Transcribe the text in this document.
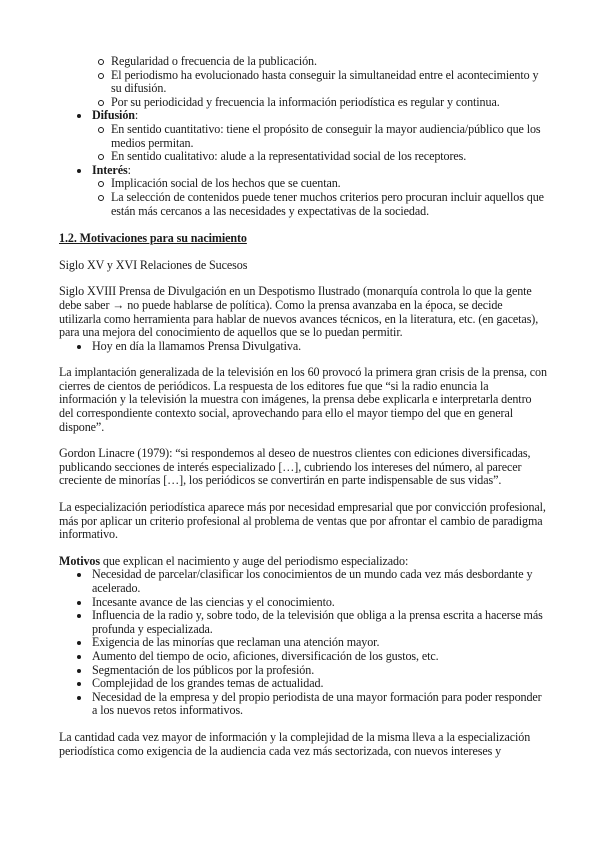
Regularidad o frecuencia de la publicación.
El periodismo ha evolucionado hasta conseguir la simultaneidad entre el acontecimiento y su difusión.
Por su periodicidad y frecuencia la información periodística es regular y continua.
Difusión:
En sentido cuantitativo: tiene el propósito de conseguir la mayor audiencia/público que los medios permitan.
En sentido cualitativo: alude a la representatividad social de los receptores.
Interés:
Implicación social de los hechos que se cuentan.
La selección de contenidos puede tener muchos criterios pero procuran incluir aquellos que están más cercanos a las necesidades y expectativas de la sociedad.

1.2. Motivaciones para su nacimiento

Siglo XV y XVI Relaciones de Sucesos

Siglo XVIII Prensa de Divulgación en un Despotismo Ilustrado (monarquía controla lo que la gente debe saber → no puede hablarse de política). Como la prensa avanzaba en la época, se decide utilizarla como herramienta para hablar de nuevos avances técnicos, en la literatura, etc. (en gacetas), para una mejora del conocimiento de aquellos que se lo puedan permitir.

Hoy en día la llamamos Prensa Divulgativa.

La implantación generalizada de la televisión en los 60 provocó la primera gran crisis de la prensa, con cierres de cientos de periódicos. La respuesta de los editores fue que “si la radio enuncia la información y la televisión la muestra con imágenes, la prensa debe explicarla e interpretarla dentro del correspondiente contexto social, aprovechando para ello el mayor tiempo del que en general dispone”.

Gordon Linacre (1979): “si respondemos al deseo de nuestros clientes con ediciones diversificadas, publicando secciones de interés especializado […], cubriendo los intereses del número, al parecer creciente de minorías […], los periódicos se convertirán en parte indispensable de sus vidas”.

La especialización periodística aparece más por necesidad empresarial que por convicción profesional, más por aplicar un criterio profesional al problema de ventas que por afrontar el cambio de paradigma informativo.

Motivos que explican el nacimiento y auge del periodismo especializado:

Necesidad de parcelar/clasificar los conocimientos de un mundo cada vez más desbordante y acelerado.
Incesante avance de las ciencias y el conocimiento.
Influencia de la radio y, sobre todo, de la televisión que obliga a la prensa escrita a hacerse más profunda y especializada.
Exigencia de las minorías que reclaman una atención mayor.
Aumento del tiempo de ocio, aficiones, diversificación de los gustos, etc.
Segmentación de los públicos por la profesión.
Complejidad de los grandes temas de actualidad.
Necesidad de la empresa y del propio periodista de una mayor formación para poder responder a los nuevos retos informativos.

La cantidad cada vez mayor de información y la complejidad de la misma lleva a la especialización periodística como exigencia de la audiencia cada vez más sectorizada, con nuevos intereses y
